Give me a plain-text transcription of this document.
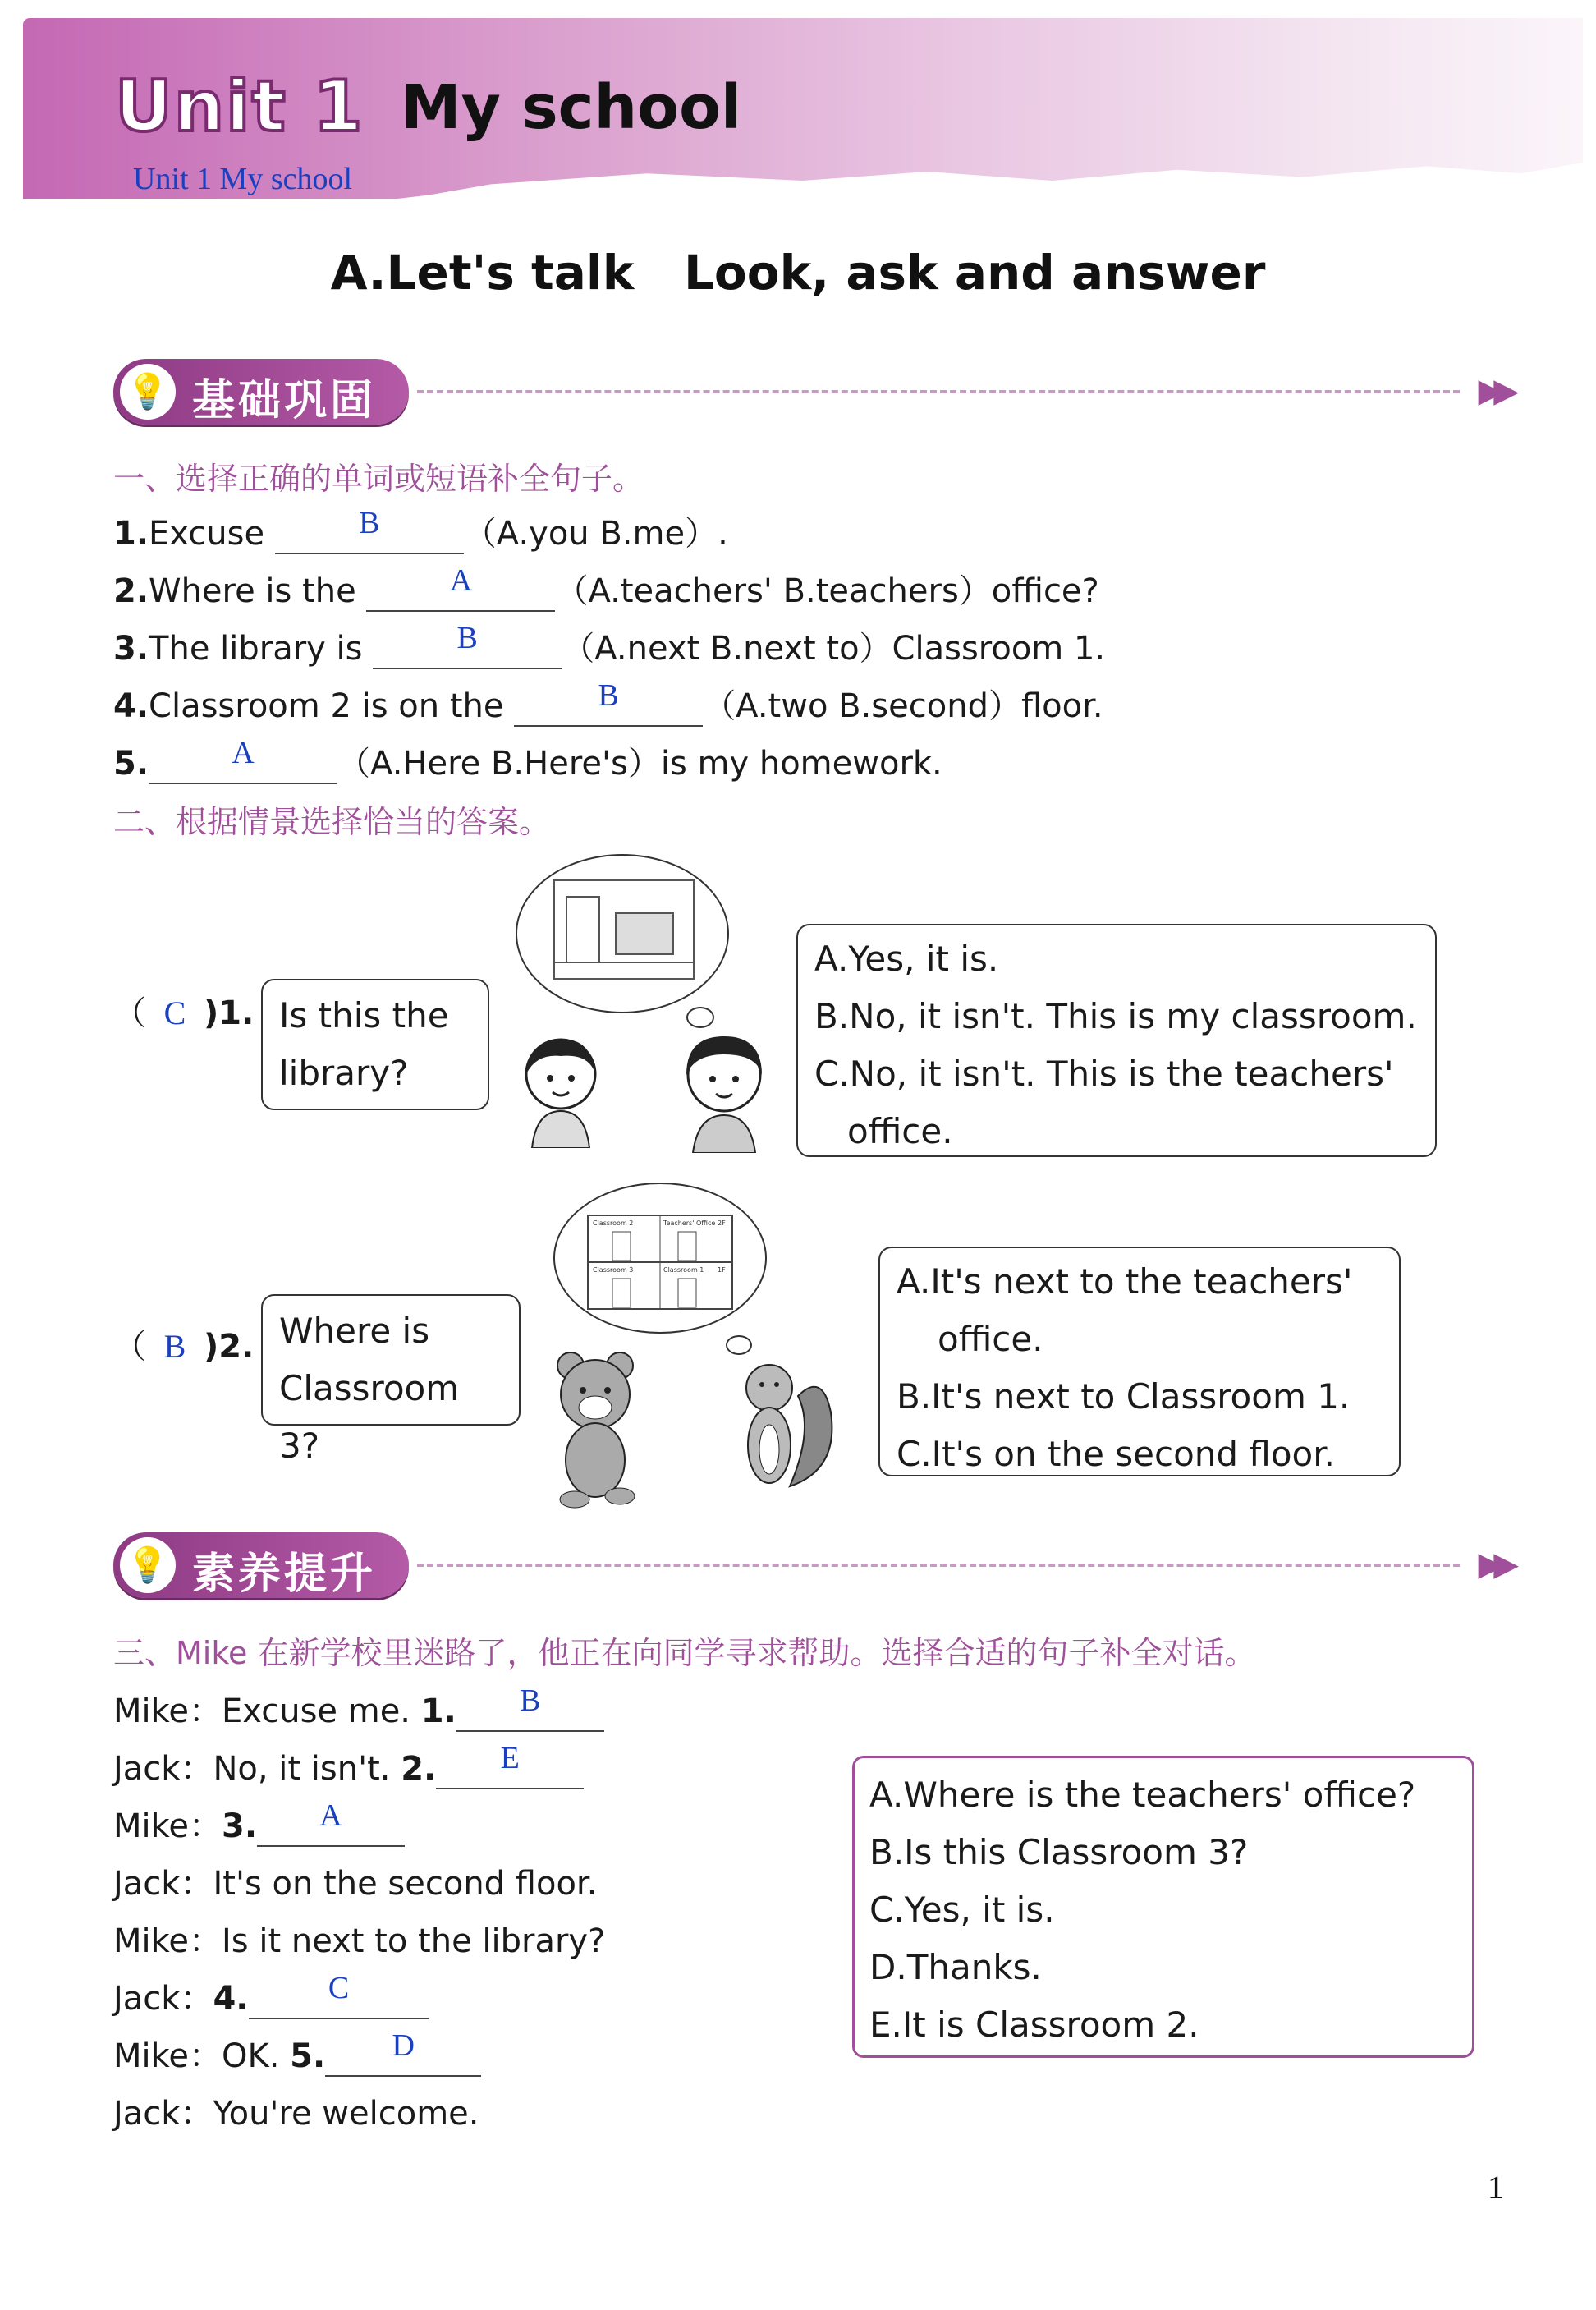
Unit 1 My school
Unit 1 My school
A.Let's talk   Look, ask and answer
💡 基础巩固	▶▶
一、选择正确的单词或短语补全句子。
1.Excuse	B	（A.you B.me）.
2.Where is the	A	（A.teachers' B.teachers）office?
3.The library is	B	（A.next B.next to）Classroom 1.
4.Classroom 2 is on the	B	（A.two B.second）floor.
5.	A	（A.Here B.Here's）is my homework.
二、根据情景选择恰当的答案。
（ C )1. Is this the
library?
A.Yes, it is.
B.No, it isn't. This is my classroom.
C.No, it isn't. This is the teachers'
office.
（ B )2. Where is
Classroom 3?
Classroom 2	Teachers' Office 2F
Classroom 3	Classroom 1 1F	A.It's next to the teachers'
office.
B.It's next to Classroom 1.
C.It's on the second floor.
💡 素养提升	▶▶
三、Mike 在新学校里迷路了，他正在向同学寻求帮助。选择合适的句子补全对话。
Mike：Excuse me. 1. B
Jack：No, it isn't. 2. E
Mike：3. A
Jack：It's on the second floor.
Mike：Is it next to the library?
Jack：4.	C
Mike：OK. 5. D
Jack：You're welcome.
A.Where is the teachers' office?
B.Is this Classroom 3?
C.Yes, it is.
D.Thanks.
E.It is Classroom 2.
1
